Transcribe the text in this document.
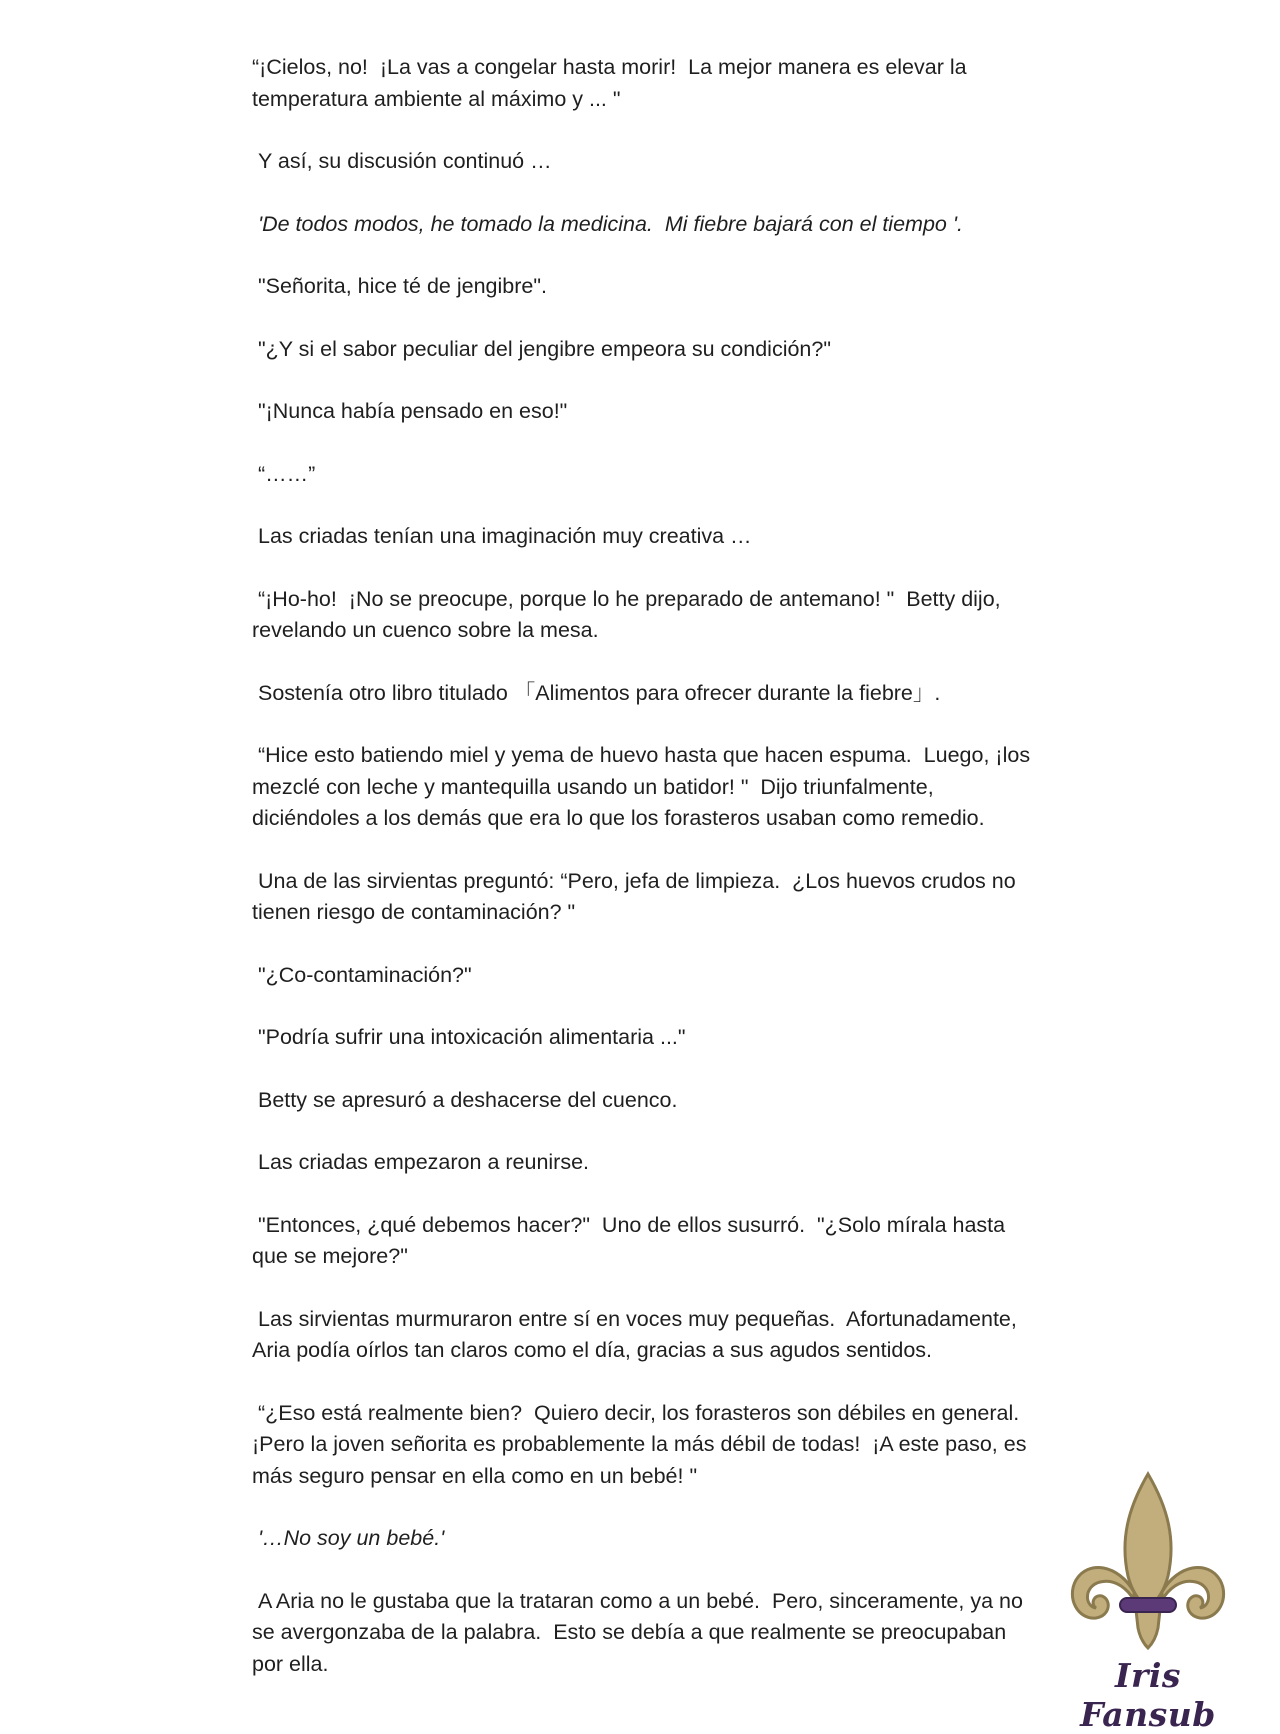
“¡Cielos, no!  ¡La vas a congelar hasta morir!  La mejor manera es elevar la temperatura ambiente al máximo y ... "

Y así, su discusión continuó …

'De todos modos, he tomado la medicina.  Mi fiebre bajará con el tiempo '.

"Señorita, hice té de jengibre".

"¿Y si el sabor peculiar del jengibre empeora su condición?"

"¡Nunca había pensado en eso!"

“……”

Las criadas tenían una imaginación muy creativa …

“¡Ho-ho!  ¡No se preocupe, porque lo he preparado de antemano! "  Betty dijo, revelando un cuenco sobre la mesa.

Sostenía otro libro titulado 「Alimentos para ofrecer durante la fiebre」.

“Hice esto batiendo miel y yema de huevo hasta que hacen espuma.  Luego, ¡los mezclé con leche y mantequilla usando un batidor! "  Dijo triunfalmente, diciéndoles a los demás que era lo que los forasteros usaban como remedio.

Una de las sirvientas preguntó: “Pero, jefa de limpieza.  ¿Los huevos crudos no tienen riesgo de contaminación? "

"¿Co-contaminación?"

"Podría sufrir una intoxicación alimentaria ..."

Betty se apresuró a deshacerse del cuenco.

Las criadas empezaron a reunirse.

"Entonces, ¿qué debemos hacer?"  Uno de ellos susurró.  "¿Solo mírala hasta que se mejore?"

Las sirvientas murmuraron entre sí en voces muy pequeñas.  Afortunadamente, Aria podía oírlos tan claros como el día, gracias a sus agudos sentidos.

“¿Eso está realmente bien?  Quiero decir, los forasteros son débiles en general.  ¡Pero la joven señorita es probablemente la más débil de todas!  ¡A este paso, es más seguro pensar en ella como en un bebé! "

'…No soy un bebé.'

A Aria no le gustaba que la trataran como a un bebé.  Pero, sinceramente, ya no se avergonzaba de la palabra.  Esto se debía a que realmente se preocupaban por ella.	Iris Fansub
